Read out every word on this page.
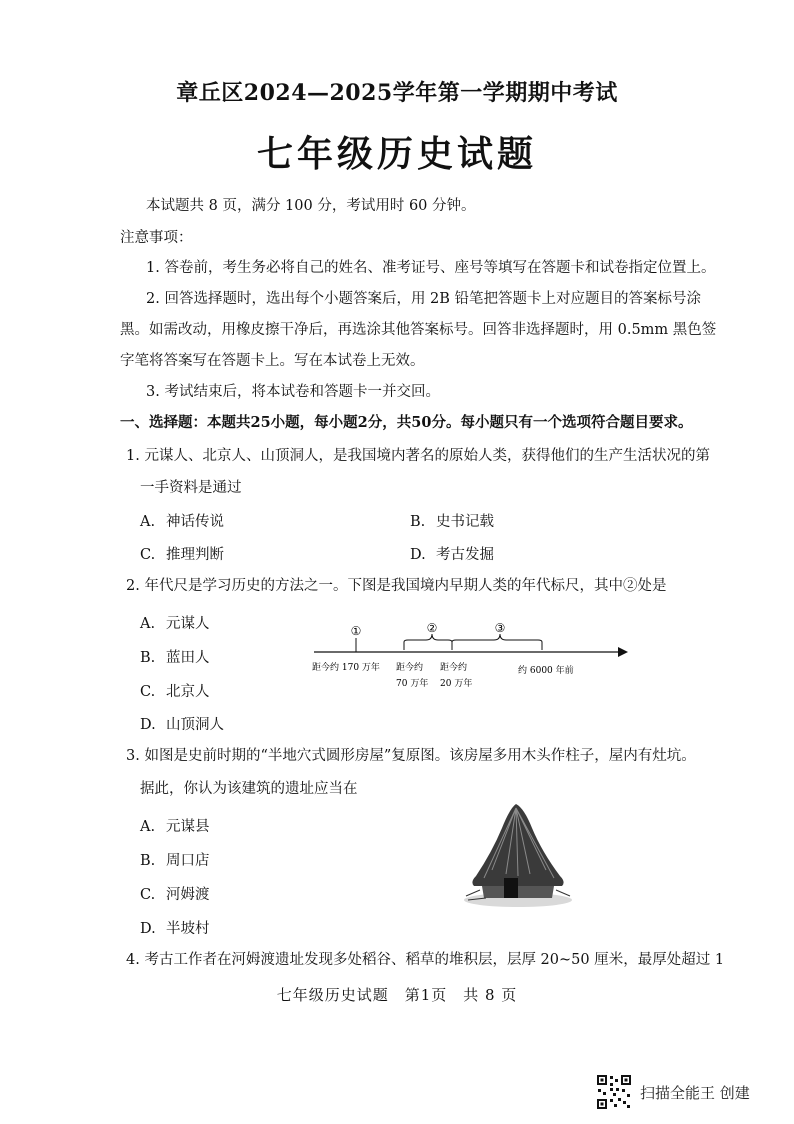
章丘区2024—2025学年第一学期期中考试
七年级历史试题
本试题共 8 页，满分 100 分，考试用时 60 分钟。
注意事项：
1. 答卷前，考生务必将自己的姓名、准考证号、座号等填写在答题卡和试卷指定位置上。
2. 回答选择题时，选出每个小题答案后，用 2B 铅笔把答题卡上对应题目的答案标号涂
黑。如需改动，用橡皮擦干净后，再选涂其他答案标号。回答非选择题时，用 0.5mm 黑色签
字笔将答案写在答题卡上。写在本试卷上无效。
3. 考试结束后，将本试卷和答题卡一并交回。
一、选择题：本题共25小题，每小题2分，共50分。每小题只有一个选项符合题目要求。
1. 元谋人、北京人、山顶洞人，是我国境内著名的原始人类，获得他们的生产生活状况的第
一手资料是通过
A. 神话传说	B. 史书记载
C. 推理判断	D. 考古发掘
2. 年代尺是学习历史的方法之一。下图是我国境内早期人类的年代标尺，其中②处是
A. 元谋人
B. 蓝田人
C. 北京人
D. 山顶洞人
①	②	③
距今约 170 万年 距今约
70 万年
距今约
20 万年
约 6000 年前
3. 如图是史前时期的“半地穴式圆形房屋”复原图。该房屋多用木头作柱子，屋内有灶坑。
据此，你认为该建筑的遗址应当在
A. 元谋县
B. 周口店
C. 河姆渡
D. 半坡村
4. 考古工作者在河姆渡遗址发现多处稻谷、稻草的堆积层，层厚 20~50 厘米，最厚处超过 1
七年级历史试题　第1页　共 8 页
扫描全能王 创建
